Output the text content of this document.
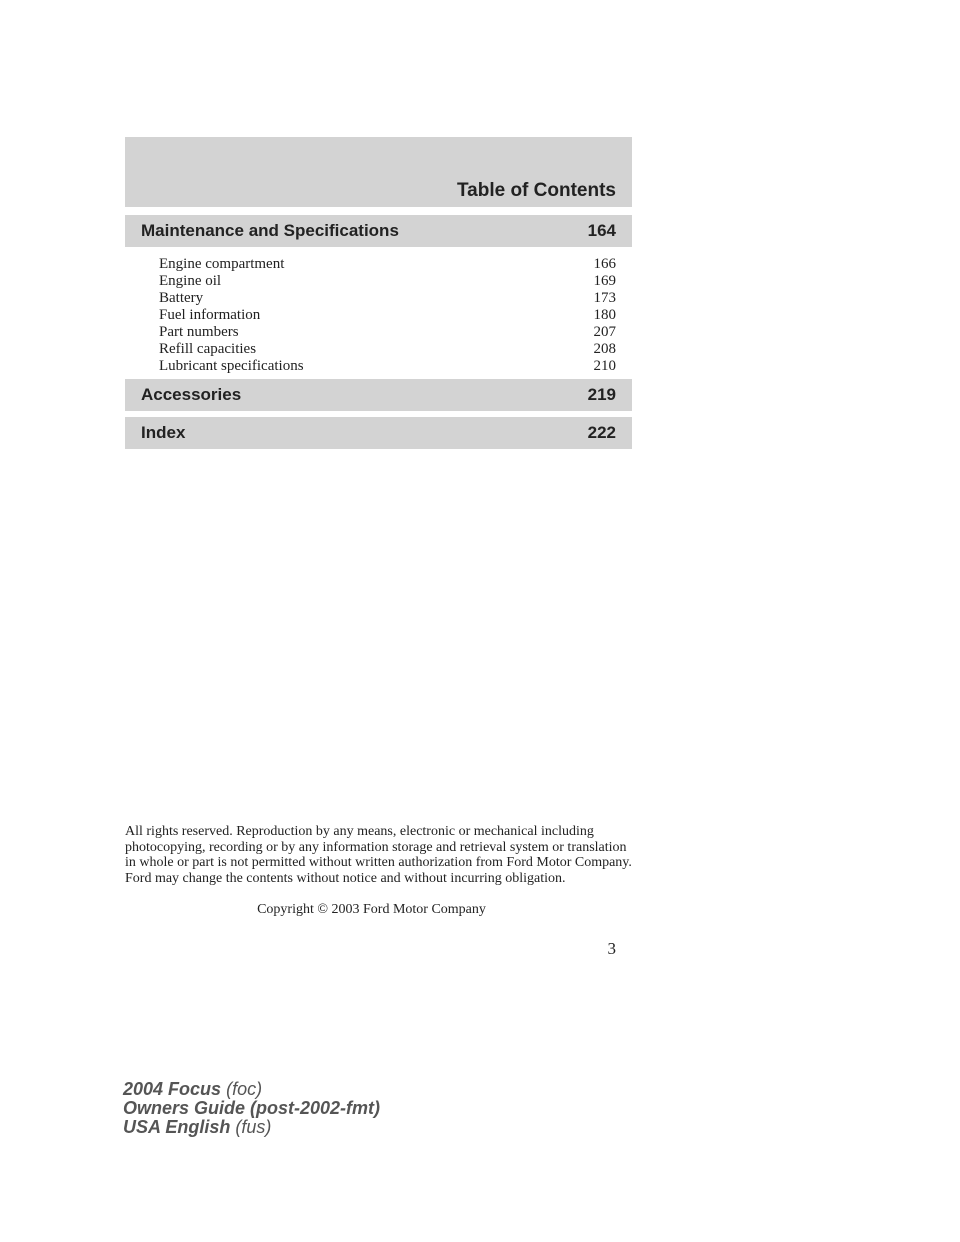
Table of Contents
Maintenance and Specifications	164
Engine compartment	166
Engine oil	169
Battery	173
Fuel information	180
Part numbers	207
Refill capacities	208
Lubricant specifications	210
Accessories	219
Index	222
All rights reserved. Reproduction by any means, electronic or mechanical including photocopying, recording or by any information storage and retrieval system or translation in whole or part is not permitted without written authorization from Ford Motor Company. Ford may change the contents without notice and without incurring obligation.
Copyright © 2003 Ford Motor Company
3
2004 Focus (foc)
Owners Guide (post-2002-fmt)
USA English (fus)
